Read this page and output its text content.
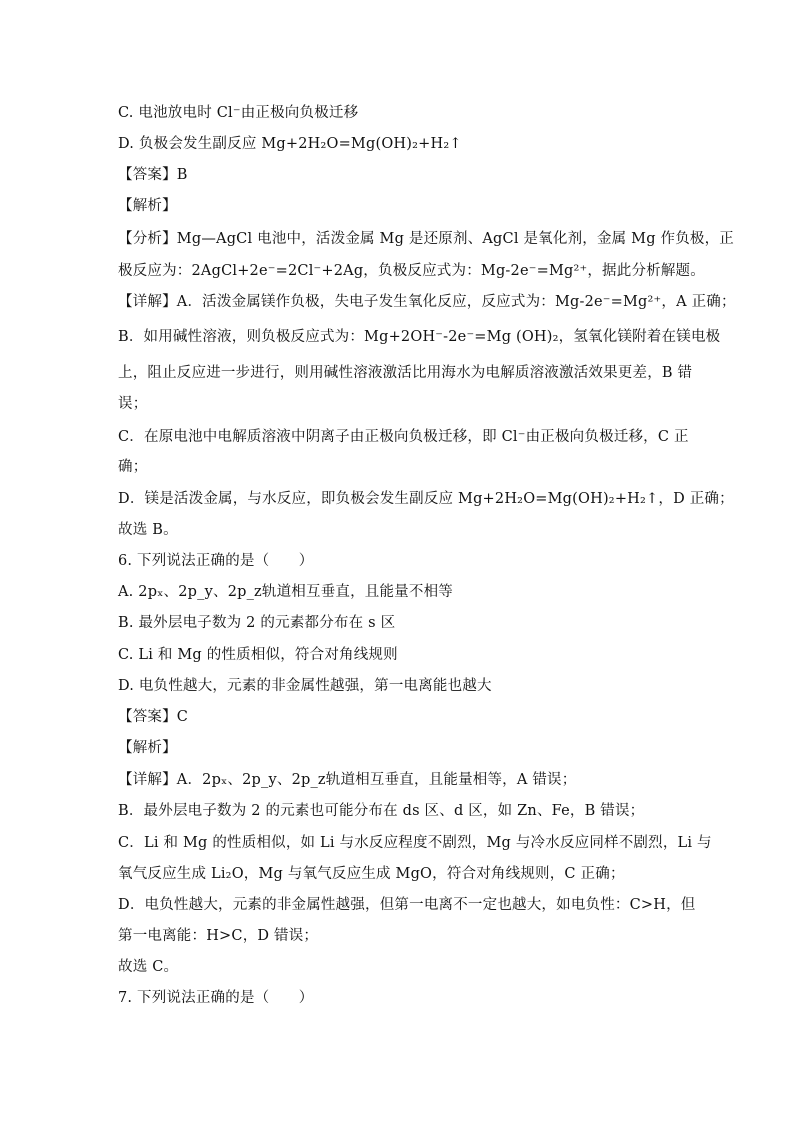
C. 电池放电时 Cl⁻由正极向负极迁移
D. 负极会发生副反应 Mg+2H₂O=Mg(OH)₂+H₂↑
【答案】B
【解析】
【分析】Mg—AgCl 电池中，活泼金属 Mg 是还原剂、AgCl 是氧化剂，金属 Mg 作负极，正
极反应为：2AgCl+2e⁻=2Cl⁻+2Ag，负极反应式为：Mg-2e⁻=Mg²⁺，据此分析解题。
【详解】A．活泼金属镁作负极，失电子发生氧化反应，反应式为：Mg-2e⁻=Mg²⁺，A 正确；
B．如用碱性溶液，则负极反应式为：Mg+2OH⁻-2e⁻=Mg (OH)₂，氢氧化镁附着在镁电极
上，阻止反应进一步进行，则用碱性溶液激活比用海水为电解质溶液激活效果更差，B 错
误；
C．在原电池中电解质溶液中阴离子由正极向负极迁移，即 Cl⁻由正极向负极迁移，C 正
确；
D．镁是活泼金属，与水反应，即负极会发生副反应 Mg+2H₂O=Mg(OH)₂+H₂↑，D 正确；
故选 B。
6. 下列说法正确的是（　　）
A. 2pₓ、2p_y、2p_z轨道相互垂直，且能量不相等
B. 最外层电子数为 2 的元素都分布在 s 区
C. Li 和 Mg 的性质相似，符合对角线规则
D. 电负性越大，元素的非金属性越强，第一电离能也越大
【答案】C
【解析】
【详解】A．2pₓ、2p_y、2p_z轨道相互垂直，且能量相等，A 错误；
B．最外层电子数为 2 的元素也可能分布在 ds 区、d 区，如 Zn、Fe，B 错误；
C．Li 和 Mg 的性质相似，如 Li 与水反应程度不剧烈，Mg 与冷水反应同样不剧烈，Li 与
氧气反应生成 Li₂O，Mg 与氧气反应生成 MgO，符合对角线规则，C 正确；
D．电负性越大，元素的非金属性越强，但第一电离不一定也越大，如电负性：C>H，但
第一电离能：H>C，D 错误；
故选 C。
7. 下列说法正确的是（　　）
